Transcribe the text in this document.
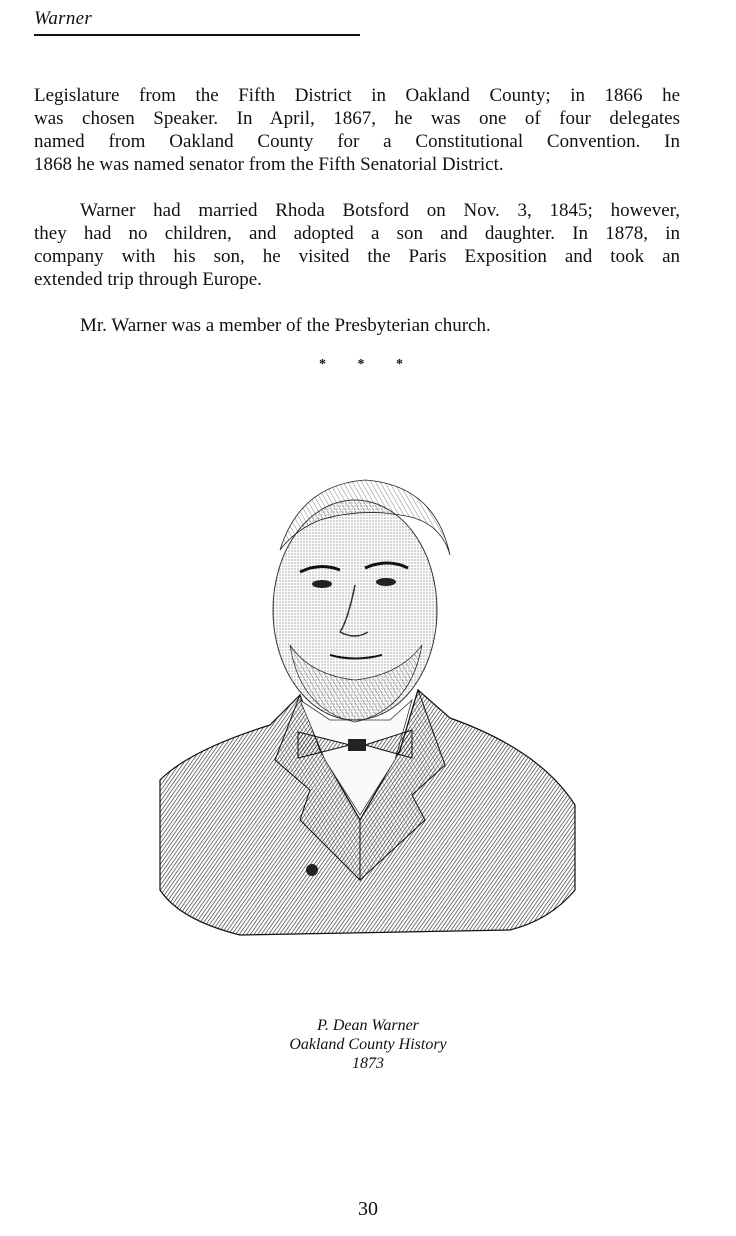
Warner
Legislature from the Fifth District in Oakland County; in 1866 he
was chosen Speaker. In April, 1867, he was one of four delegates
named from Oakland County for a Constitutional Convention. In
1868 he was named senator from the Fifth Senatorial District.
Warner had married Rhoda Botsford on Nov. 3, 1845; however,
they had no children, and adopted a son and daughter. In 1878, in
company with his son, he visited the Paris Exposition and took an
extended trip through Europe.
Mr. Warner was a member of the Presbyterian church.
* * *
P. Dean Warner
Oakland County History
1873
30
